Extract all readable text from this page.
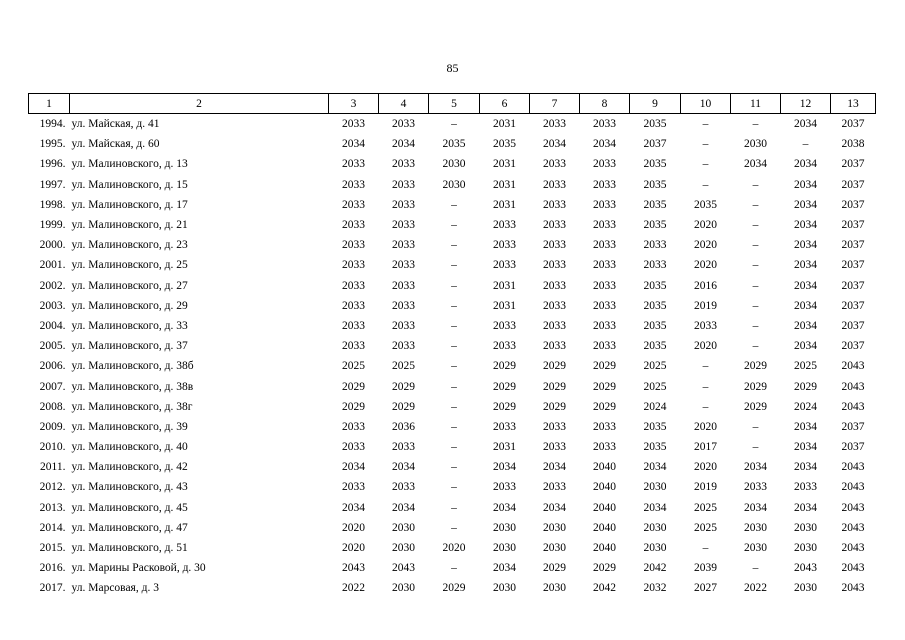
85
1	2	3	4	5	6	7	8	9	10	11	12	13
1994.	ул. Майская, д. 41	2033	2033	–	2031	2033	2033	2035	–	–	2034	2037
1995.	ул. Майская, д. 60	2034	2034	2035	2035	2034	2034	2037	–	2030	–	2038
1996.	ул. Малиновского, д. 13	2033	2033	2030	2031	2033	2033	2035	–	2034	2034	2037
1997.	ул. Малиновского, д. 15	2033	2033	2030	2031	2033	2033	2035	–	–	2034	2037
1998.	ул. Малиновского, д. 17	2033	2033	–	2031	2033	2033	2035	2035	–	2034	2037
1999.	ул. Малиновского, д. 21	2033	2033	–	2033	2033	2033	2035	2020	–	2034	2037
2000.	ул. Малиновского, д. 23	2033	2033	–	2033	2033	2033	2033	2020	–	2034	2037
2001.	ул. Малиновского, д. 25	2033	2033	–	2033	2033	2033	2033	2020	–	2034	2037
2002.	ул. Малиновского, д. 27	2033	2033	–	2031	2033	2033	2035	2016	–	2034	2037
2003.	ул. Малиновского, д. 29	2033	2033	–	2031	2033	2033	2035	2019	–	2034	2037
2004.	ул. Малиновского, д. 33	2033	2033	–	2033	2033	2033	2035	2033	–	2034	2037
2005.	ул. Малиновского, д. 37	2033	2033	–	2033	2033	2033	2035	2020	–	2034	2037
2006.	ул. Малиновского, д. 38б	2025	2025	–	2029	2029	2029	2025	–	2029	2025	2043
2007.	ул. Малиновского, д. 38в	2029	2029	–	2029	2029	2029	2025	–	2029	2029	2043
2008.	ул. Малиновского, д. 38г	2029	2029	–	2029	2029	2029	2024	–	2029	2024	2043
2009.	ул. Малиновского, д. 39	2033	2036	–	2033	2033	2033	2035	2020	–	2034	2037
2010.	ул. Малиновского, д. 40	2033	2033	–	2031	2033	2033	2035	2017	–	2034	2037
2011.	ул. Малиновского, д. 42	2034	2034	–	2034	2034	2040	2034	2020	2034	2034	2043
2012.	ул. Малиновского, д. 43	2033	2033	–	2033	2033	2040	2030	2019	2033	2033	2043
2013.	ул. Малиновского, д. 45	2034	2034	–	2034	2034	2040	2034	2025	2034	2034	2043
2014.	ул. Малиновского, д. 47	2020	2030	–	2030	2030	2040	2030	2025	2030	2030	2043
2015.	ул. Малиновского, д. 51	2020	2030	2020	2030	2030	2040	2030	–	2030	2030	2043
2016.	ул. Марины Расковой, д. 30	2043	2043	–	2034	2029	2029	2042	2039	–	2043	2043
2017.	ул. Марсовая, д. 3	2022	2030	2029	2030	2030	2042	2032	2027	2022	2030	2043
